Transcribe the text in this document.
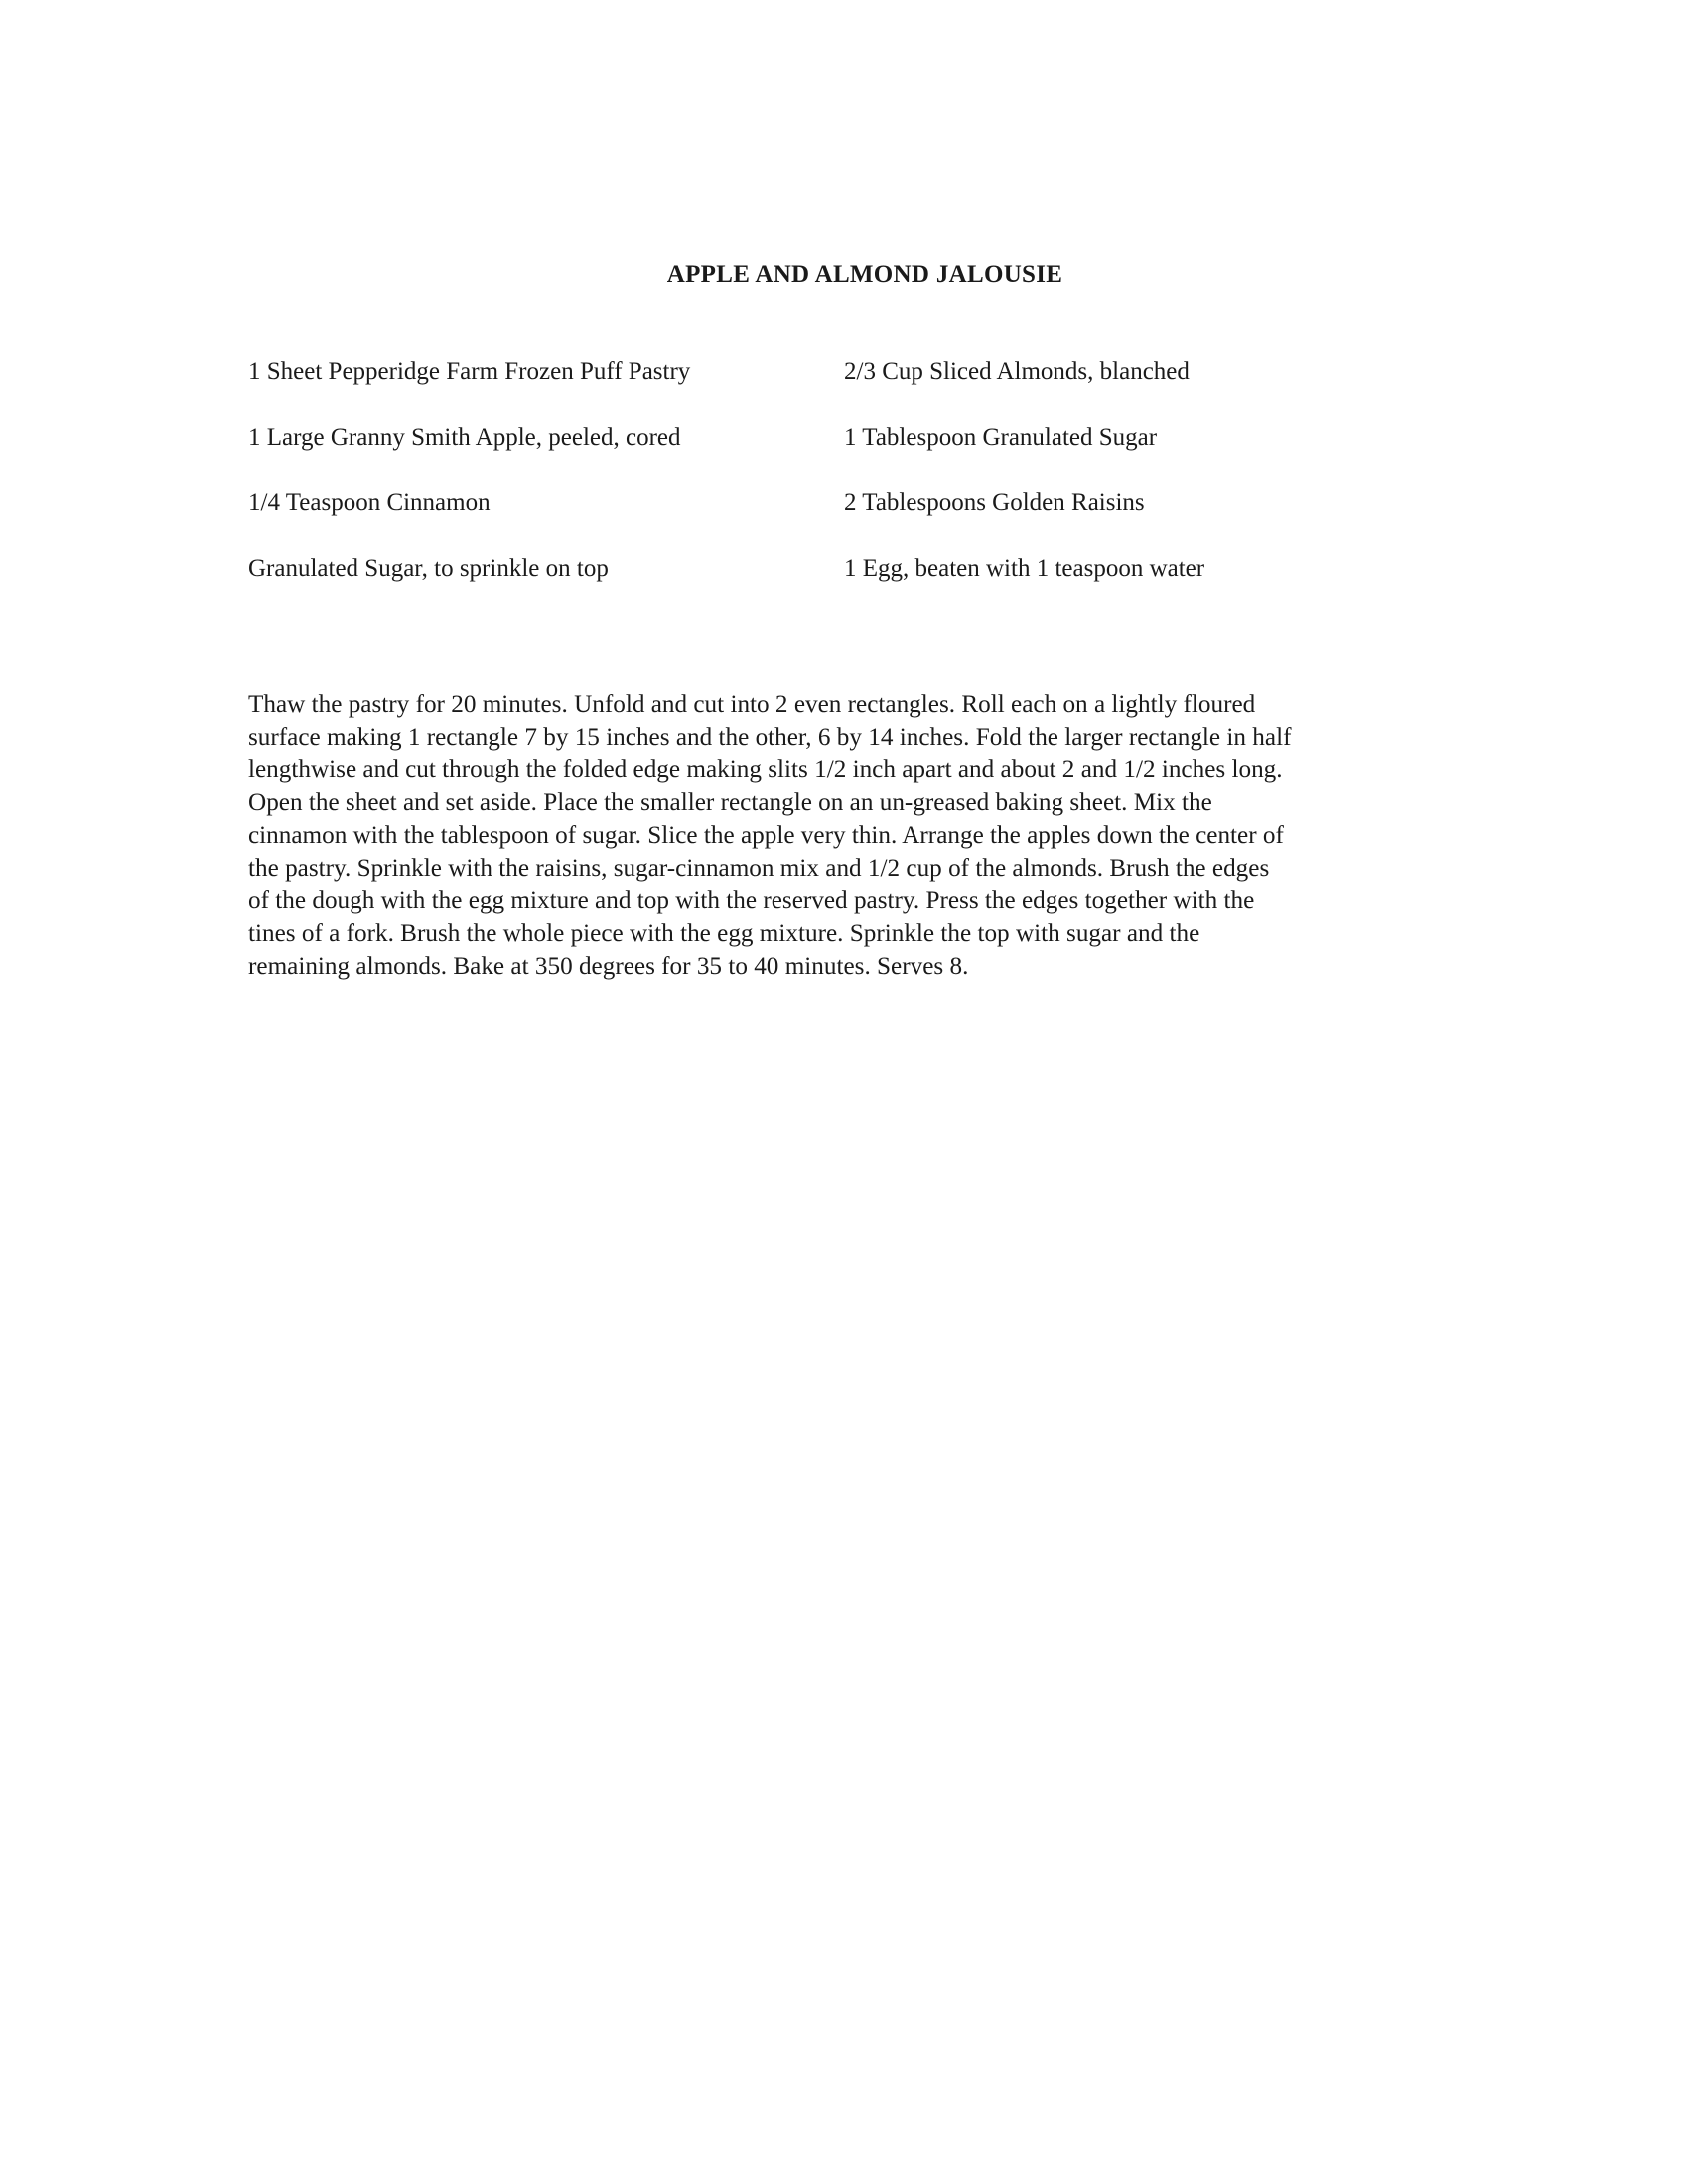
APPLE AND ALMOND JALOUSIE
1 Sheet Pepperidge Farm Frozen Puff Pastry	2/3 Cup Sliced Almonds, blanched
1 Large Granny Smith Apple, peeled, cored	1 Tablespoon Granulated Sugar
1/4 Teaspoon Cinnamon	2 Tablespoons Golden Raisins
Granulated Sugar, to sprinkle on top	1 Egg, beaten with 1 teaspoon water

Thaw the pastry for 20 minutes. Unfold and cut into 2 even rectangles. Roll each on a lightly floured

surface making 1 rectangle 7 by 15 inches and the other, 6 by 14 inches. Fold the larger rectangle in half

lengthwise and cut through the folded edge making slits 1/2 inch apart and about 2 and 1/2 inches long.

Open the sheet and set aside. Place the smaller rectangle on an un-greased baking sheet. Mix the

cinnamon with the tablespoon of sugar. Slice the apple very thin. Arrange the apples down the center of

the pastry. Sprinkle with the raisins, sugar-cinnamon mix and 1/2 cup of the almonds. Brush the edges

of the dough with the egg mixture and top with the reserved pastry. Press the edges together with the

tines of a fork. Brush the whole piece with the egg mixture. Sprinkle the top with sugar and the

remaining almonds. Bake at 350 degrees for 35 to 40 minutes. Serves 8.
